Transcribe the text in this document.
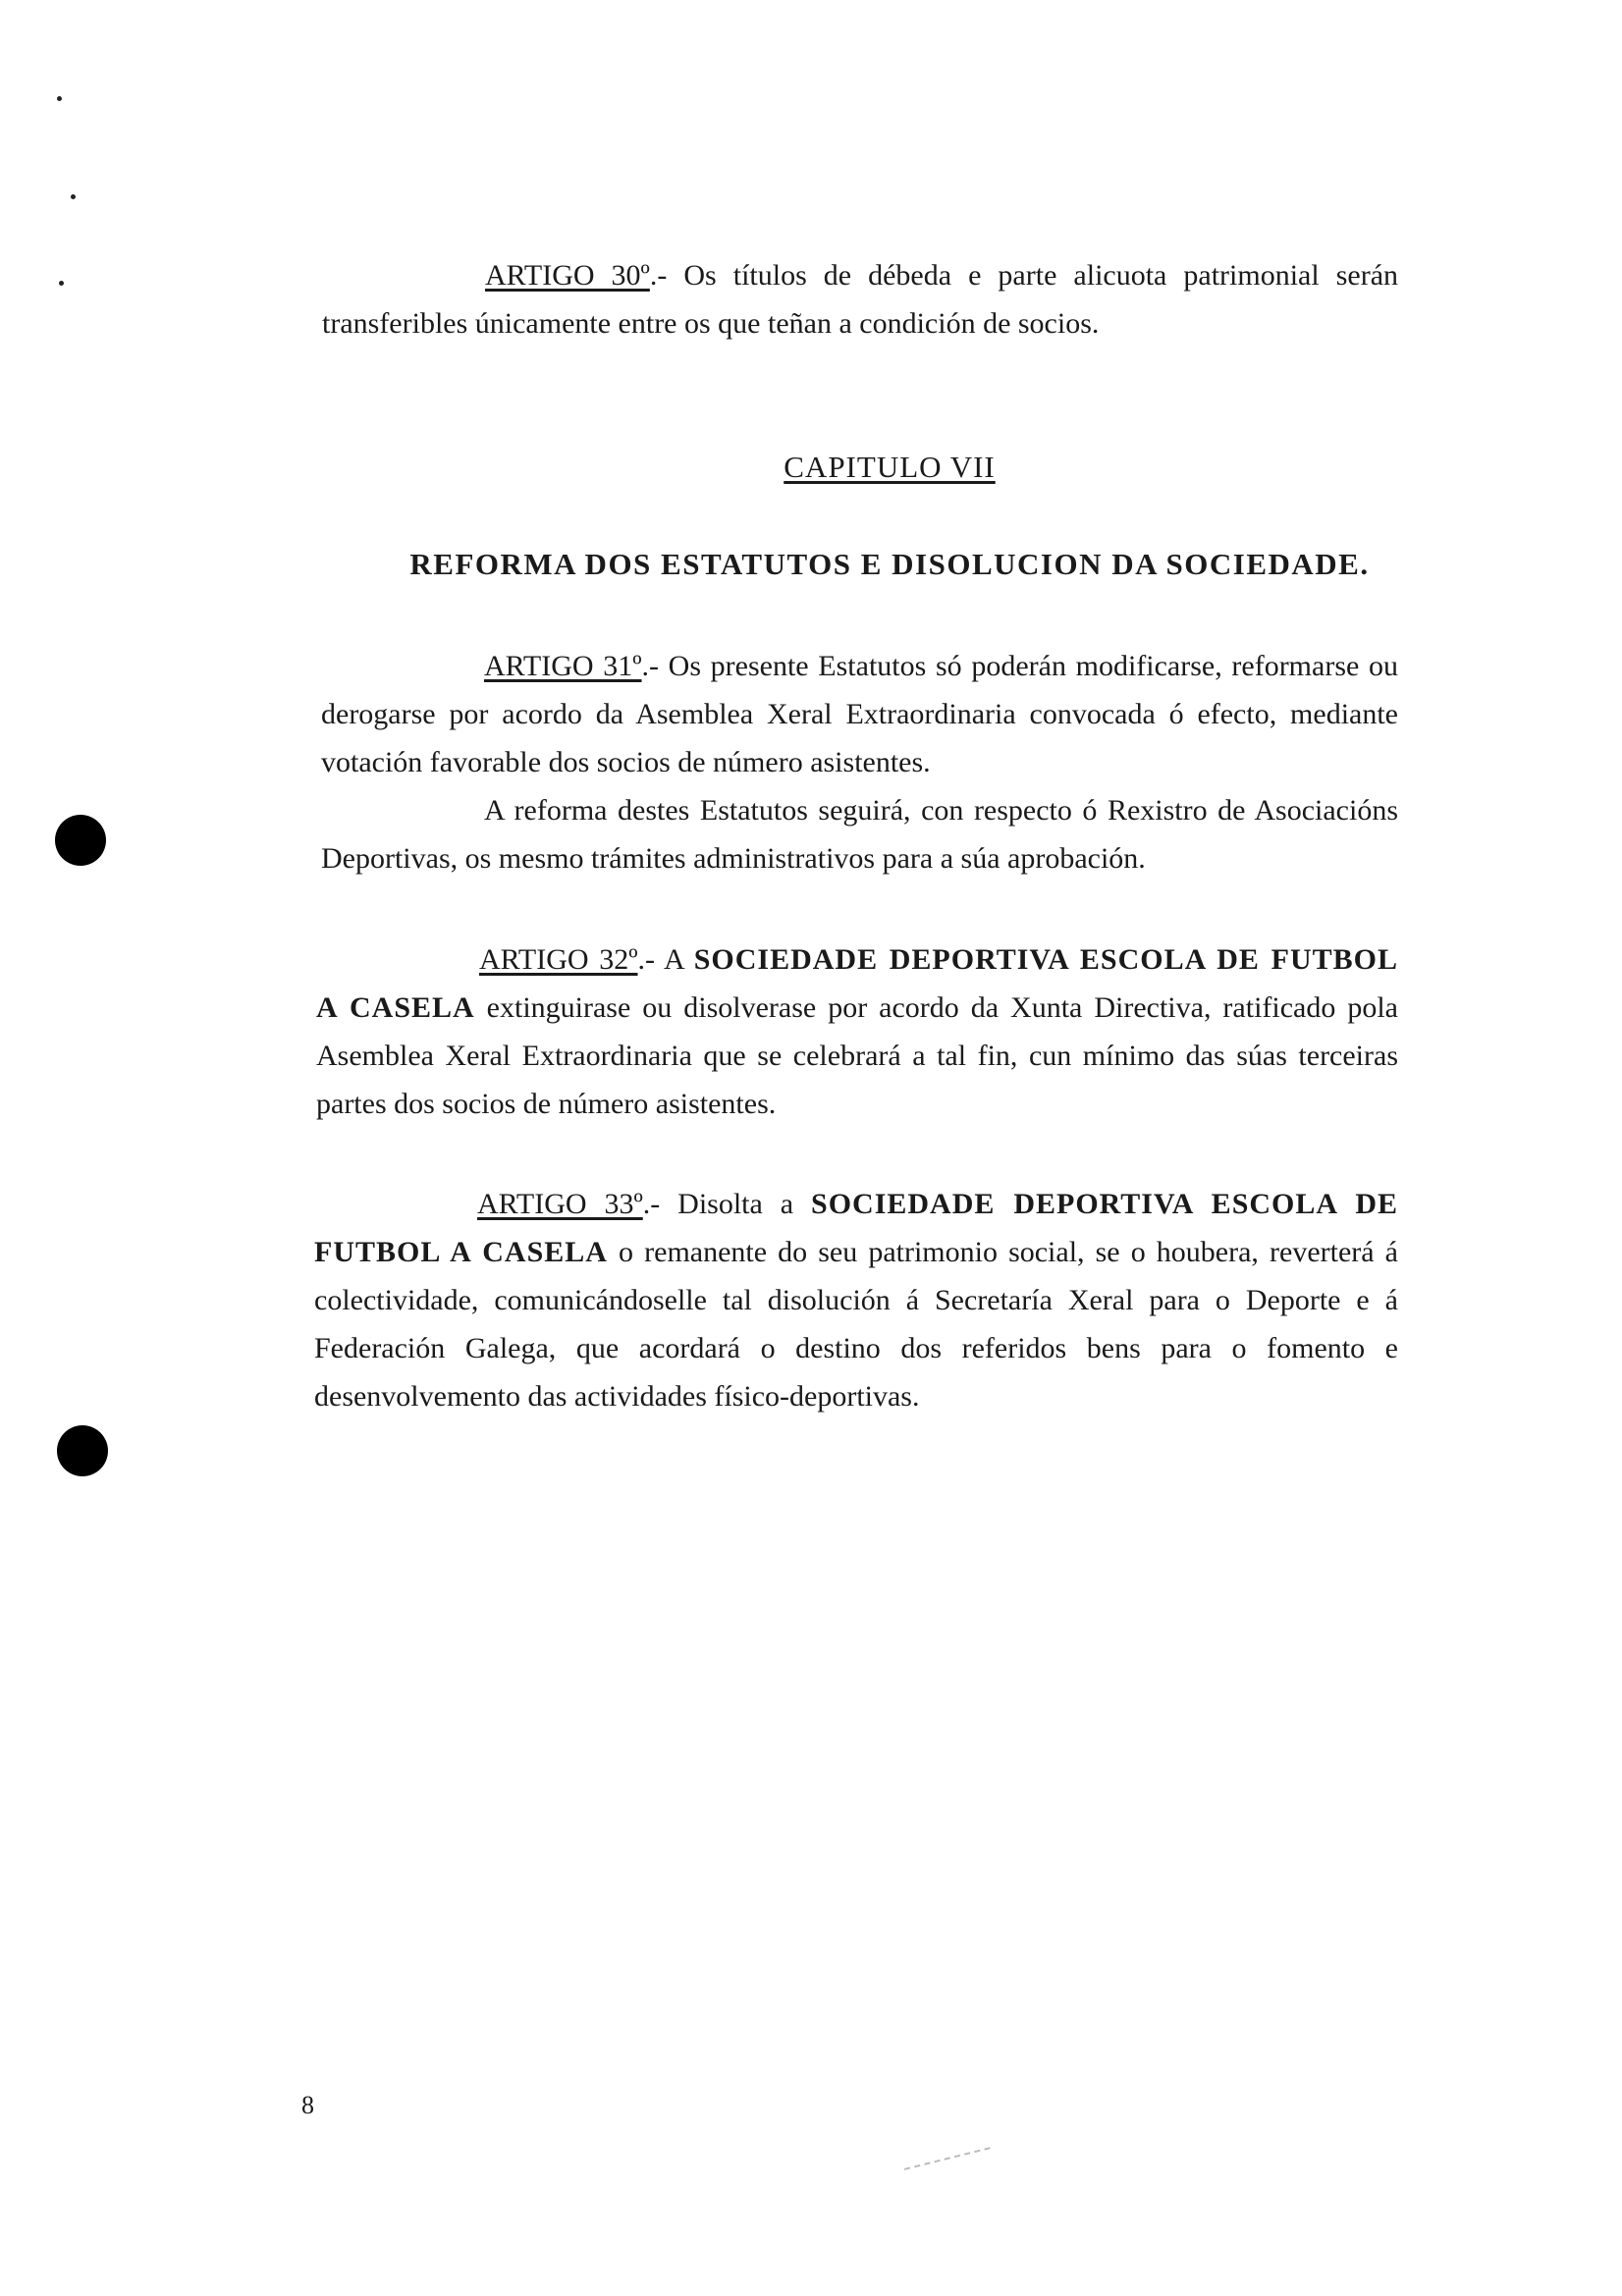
ARTIGO 30º.- Os títulos de débeda e parte alicuota patrimonial serán transferibles únicamente entre os que teñan a condición de socios.

CAPITULO VII
REFORMA DOS ESTATUTOS E DISOLUCION DA SOCIEDADE.

ARTIGO 31º.- Os presente Estatutos só poderán modificarse, reformarse ou derogarse por acordo da Asemblea Xeral Extraordinaria convocada ó efecto, mediante votación favorable dos socios de número asistentes.

A reforma destes Estatutos seguirá, con respecto ó Rexistro de Asociacións Deportivas, os mesmo trámites administrativos para a súa aprobación.

ARTIGO 32º.- A SOCIEDADE DEPORTIVA ESCOLA DE FUTBOL A CASELA extinguirase ou disolverase por acordo da Xunta Directiva, ratificado pola Asemblea Xeral Extraordinaria que se celebrará a tal fin, cun mínimo das súas terceiras partes dos socios de número asistentes.

ARTIGO 33º.- Disolta a SOCIEDADE DEPORTIVA ESCOLA DE FUTBOL A CASELA o remanente do seu patrimonio social, se o houbera, reverterá á colectividade, comunicándoselle tal disolución á Secretaría Xeral para o Deporte e á Federación Galega, que acordará o destino dos referidos bens para o fomento e desenvolvemento das actividades físico-deportivas.

8
